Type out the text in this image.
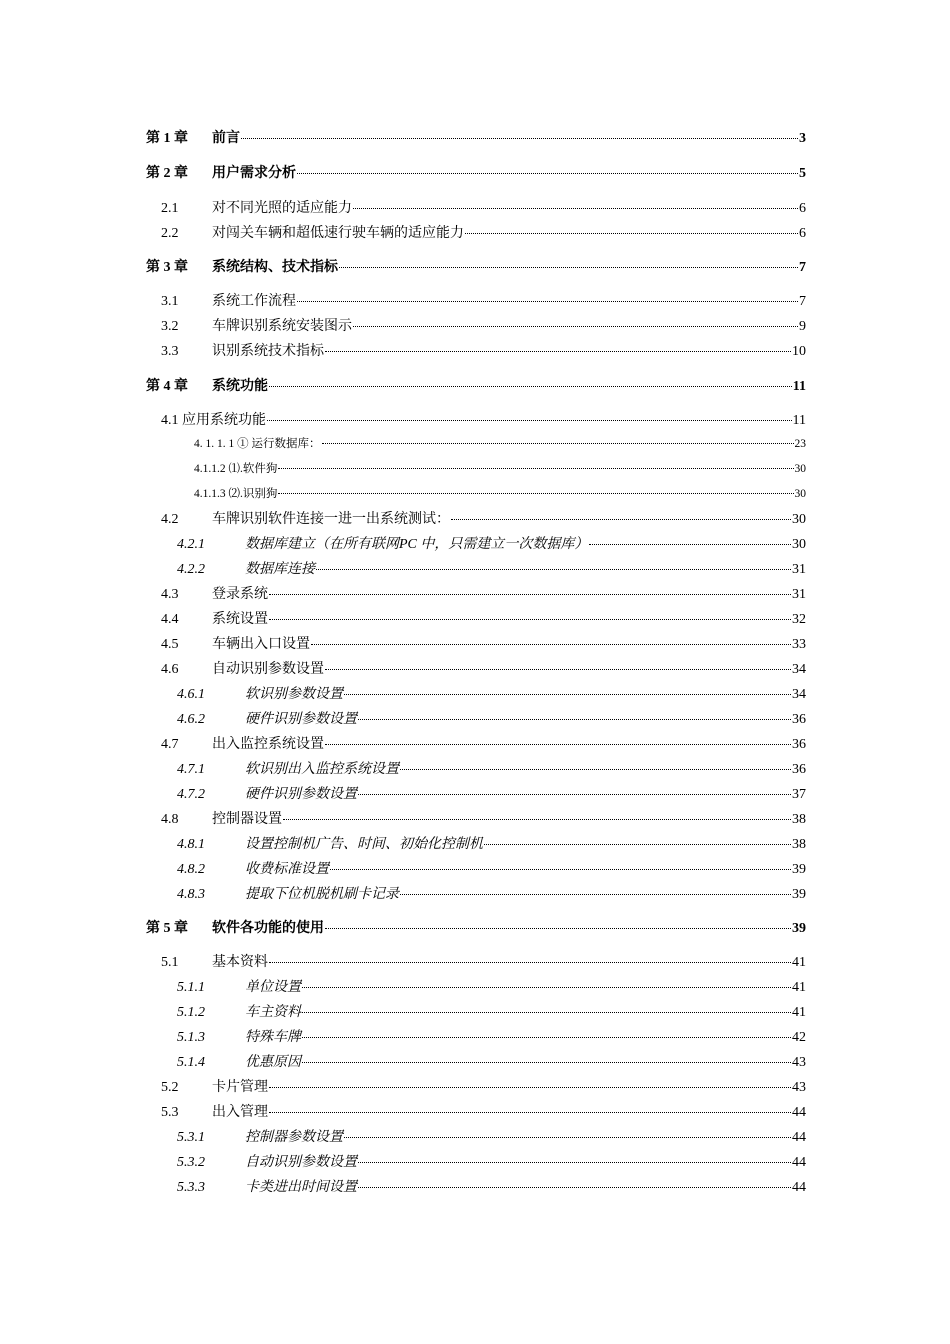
第 1 章	前言	3
第 2 章	用户需求分析	5
2.1	对不同光照的适应能力	6
2.2	对闯关车辆和超低速行驶车辆的适应能力	6
第 3 章	系统结构、技术指标	7
3.1	系统工作流程	7
3.2	车牌识别系统安装图示	9
3.3	识别系统技术指标	10
第 4 章	系统功能	11
4.1 应用系统功能	11
4. 1. 1. 1 ① 运行数据库：	23
4.1.1.2 ⑴.软件狗	30
4.1.1.3 ⑵.识别狗	30
4.2	车牌识别软件连接一进一出系统测试：	30
4.2.1	数据库建立（在所有联网PC 中，只需建立一次数据库）	30
4.2.2	数据库连接	31
4.3	登录系统	31
4.4	系统设置	32
4.5	车辆出入口设置	33
4.6	自动识别参数设置	34
4.6.1	软识别参数设置	34
4.6.2	硬件识别参数设置	36
4.7	出入监控系统设置	36
4.7.1	软识别出入监控系统设置	36
4.7.2	硬件识别参数设置	37
4.8	控制器设置	38
4.8.1	设置控制机广告、时间、初始化控制机	38
4.8.2	收费标准设置	39
4.8.3	提取下位机脱机刷卡记录	39
第 5 章	软件各功能的使用	39
5.1	基本资料	41
5.1.1	单位设置	41
5.1.2	车主资料	41
5.1.3	特殊车牌	42
5.1.4	优惠原因	43
5.2	卡片管理	43
5.3	出入管理	44
5.3.1	控制器参数设置	44
5.3.2	自动识别参数设置	44
5.3.3	卡类进出时间设置	44
